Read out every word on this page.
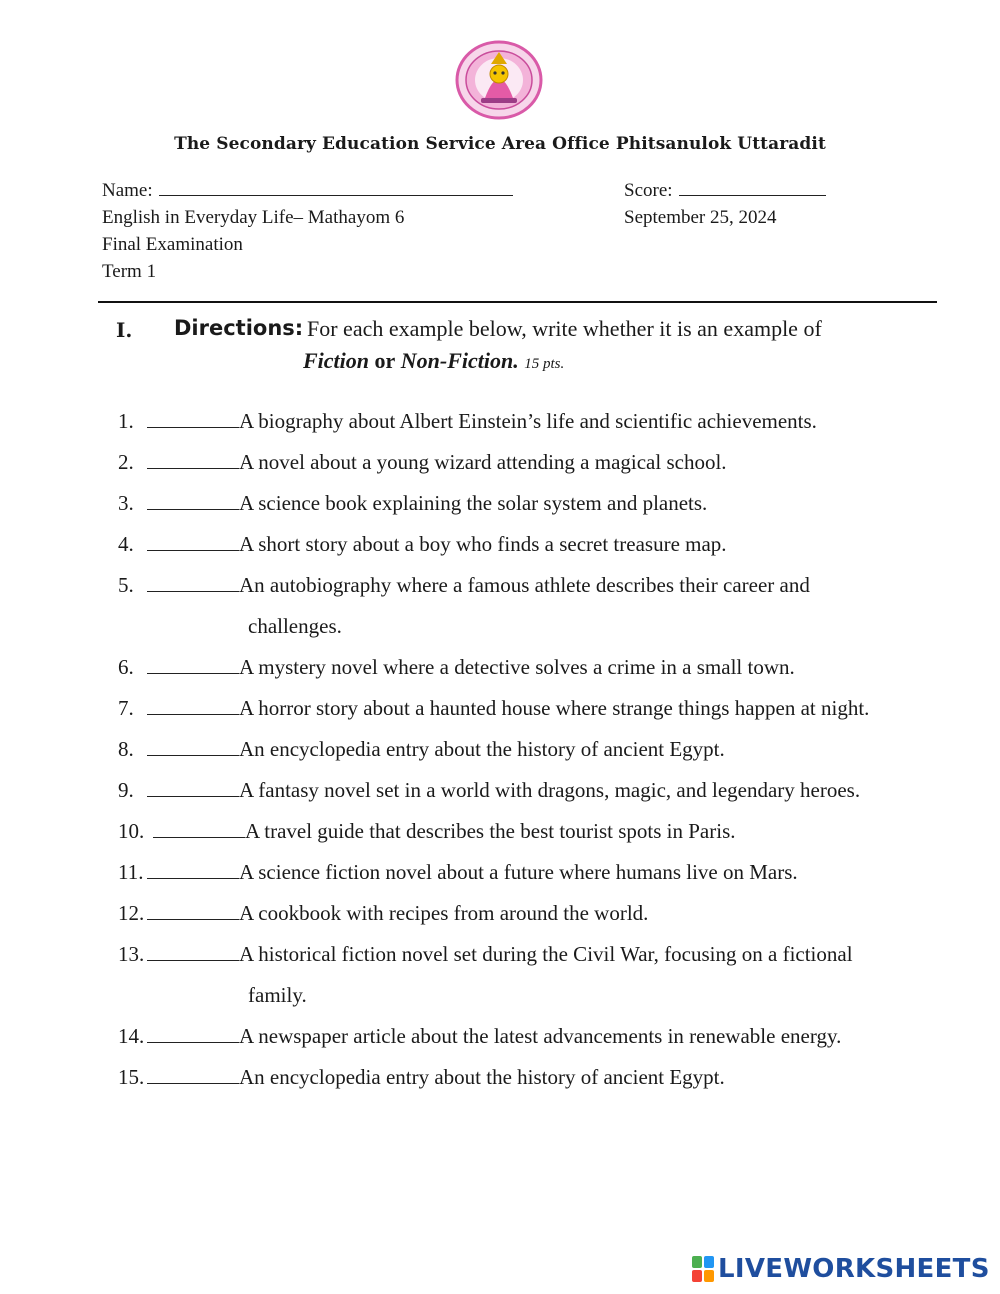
The Secondary Education Service Area Office Phitsanulok Uttaradit
Name:	Score:
English in Everyday Life– Mathayom 6	September 25, 2024
Final Examination
Term 1
I. Directions: For each example below, write whether it is an example of
Fiction or Non-Fiction. 15 pts.
1.	A biography about Albert Einstein’s life and scientific achievements.
2.	A novel about a young wizard attending a magical school.
3.	A science book explaining the solar system and planets.
4.	A short story about a boy who finds a secret treasure map.
5.	An autobiography where a famous athlete describes their career and
challenges.
6.	A mystery novel where a detective solves a crime in a small town.
7.	A horror story about a haunted house where strange things happen at night.
8.	An encyclopedia entry about the history of ancient Egypt.
9.	A fantasy novel set in a world with dragons, magic, and legendary heroes.
10.	A travel guide that describes the best tourist spots in Paris.
11.	A science fiction novel about a future where humans live on Mars.
12.	A cookbook with recipes from around the world.
13.	A historical fiction novel set during the Civil War, focusing on a fictional
family.
14.	A newspaper article about the latest advancements in renewable energy.
15.	An encyclopedia entry about the history of ancient Egypt.
LIVEWORKSHEETS
